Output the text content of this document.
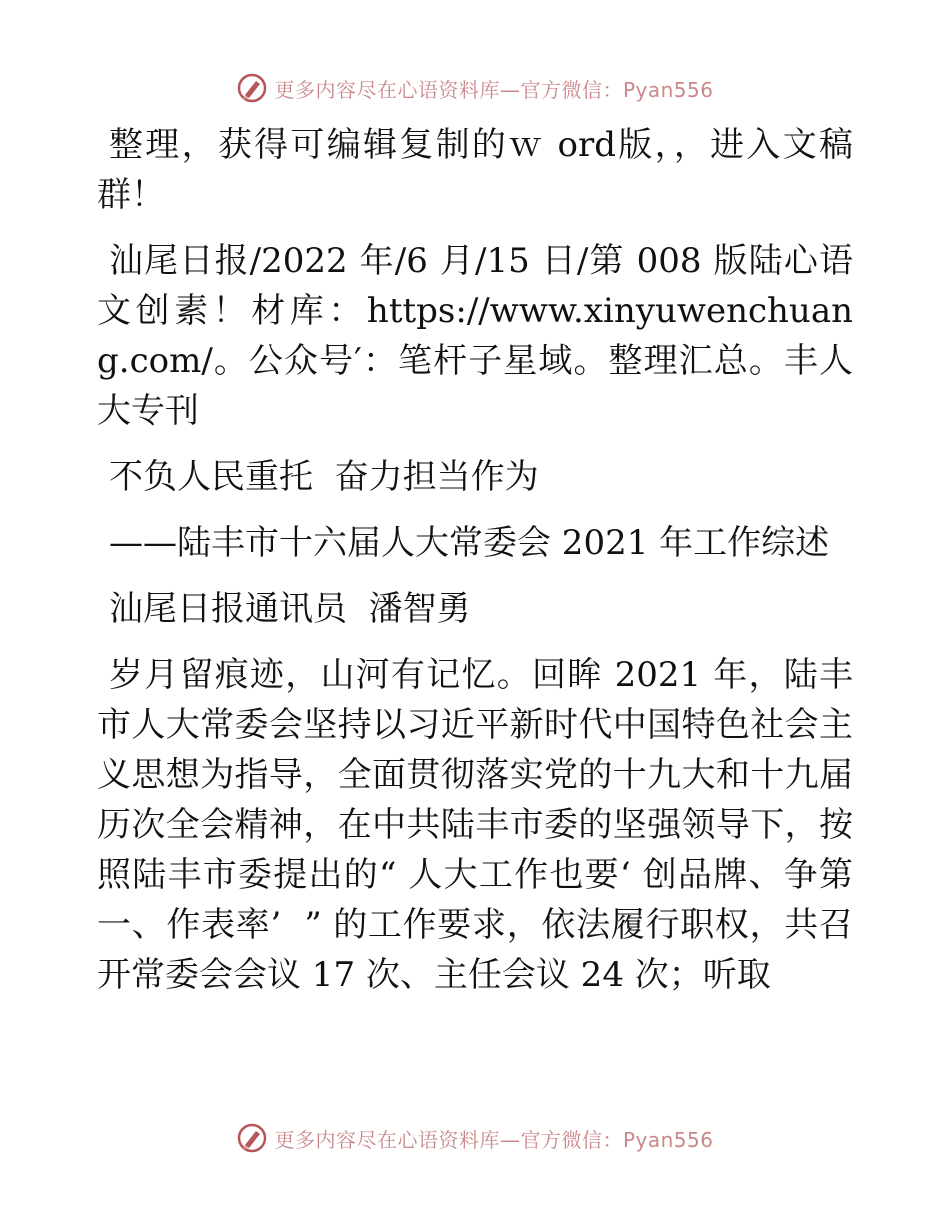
更多内容尽在心语资料库—官方微信：Pyan556

整理，获得可编辑复制的ｗ ord版，，进入文稿群！

汕尾日报/2022 年/6 月/15 日/第 008 版陆心语文创素！材库：https://www.xinyuwenchuang.com/。公众号′：笔杆子星域。整理汇总。丰人大专刊

不负人民重托  奋力担当作为

——陆丰市十六届人大常委会 2021 年工作综述

汕尾日报通讯员  潘智勇

岁月留痕迹，山河有记忆。回眸 2021 年，陆丰市人大常委会坚持以习近平新时代中国特色社会主义思想为指导，全面贯彻落实党的十九大和十九届历次全会精神，在中共陆丰市委的坚强领导下，按照陆丰市委提出的“ 人大工作也要‘ 创品牌、争第一、作表率’  ” 的工作要求，依法履行职权，共召开常委会会议 17 次、主任会议 24 次；听取

更多内容尽在心语资料库—官方微信：Pyan556
